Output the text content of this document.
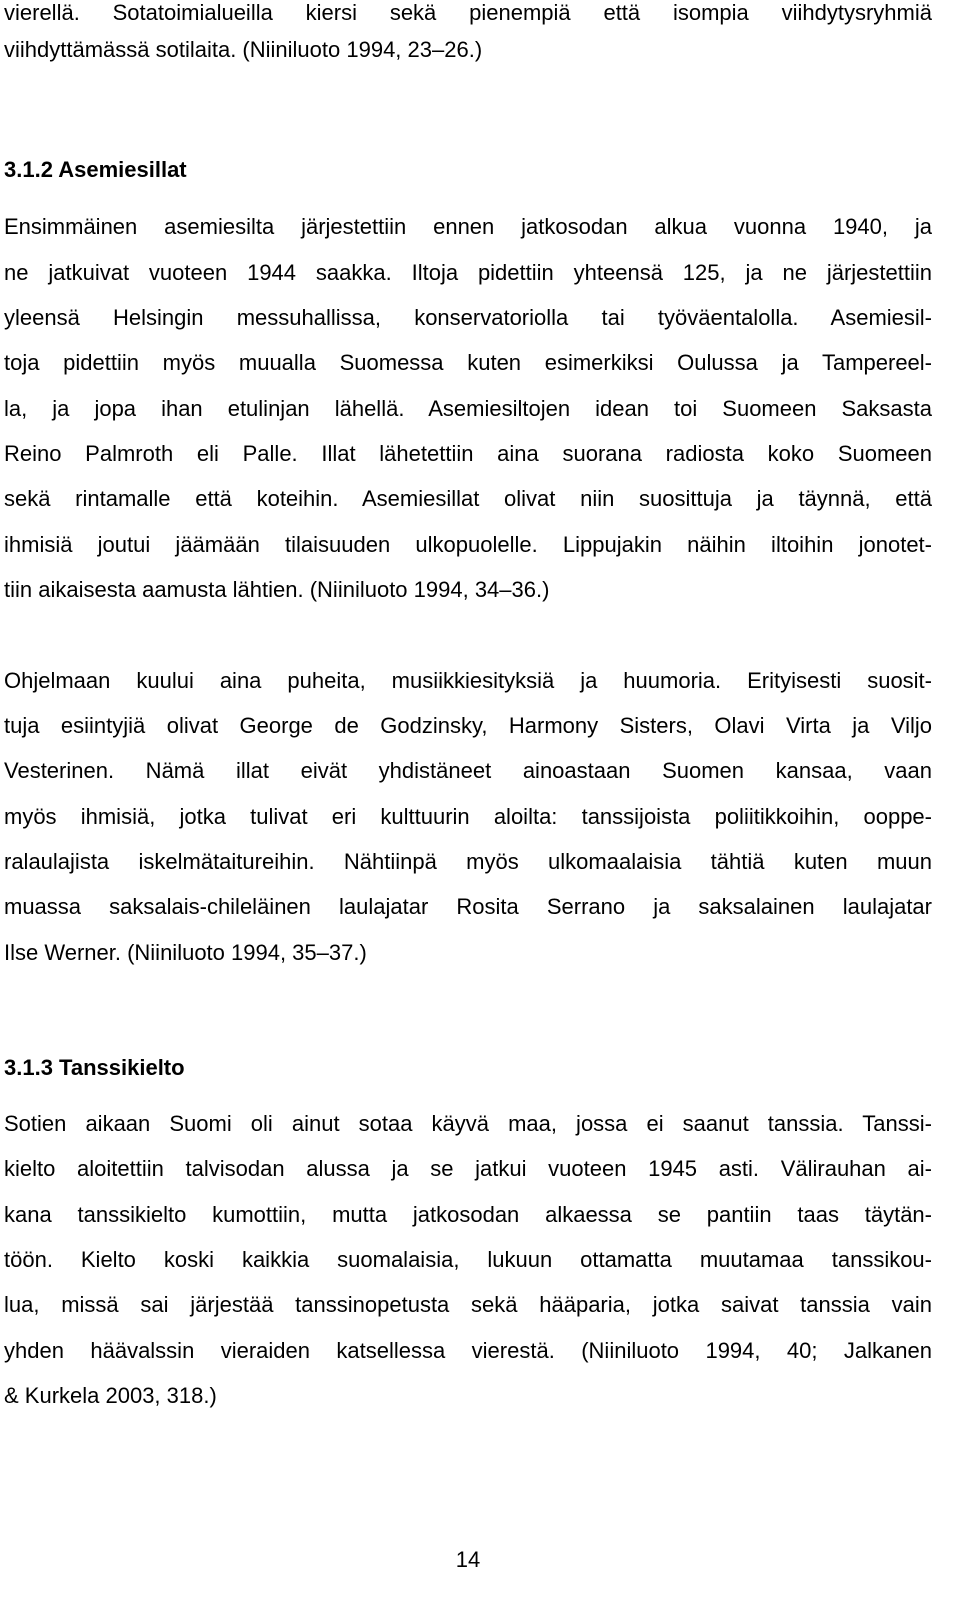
vierellä. Sotatoimialueilla kiersi sekä pienempiä että isompia viihdytysryhmiä
viihdyttämässä sotilaita. (Niiniluoto 1994, 23–26.)
3.1.2 Asemiesillat
Ensimmäinen asemiesilta järjestettiin ennen jatkosodan alkua vuonna 1940, ja
ne jatkuivat vuoteen 1944 saakka. Iltoja pidettiin yhteensä 125, ja ne järjestettiin
yleensä Helsingin messuhallissa, konservatoriolla tai työväentalolla. Asemiesil-
toja pidettiin myös muualla Suomessa kuten esimerkiksi Oulussa ja Tampereel-
la, ja jopa ihan etulinjan lähellä. Asemiesiltojen idean toi Suomeen Saksasta
Reino Palmroth eli Palle. Illat lähetettiin aina suorana radiosta koko Suomeen
sekä rintamalle että koteihin. Asemiesillat olivat niin suosittuja ja täynnä, että
ihmisiä joutui jäämään tilaisuuden ulkopuolelle. Lippujakin näihin iltoihin jonotet-
tiin aikaisesta aamusta lähtien. (Niiniluoto 1994, 34–36.)
Ohjelmaan kuului aina puheita, musiikkiesityksiä ja huumoria. Erityisesti suosit-
tuja esiintyjiä olivat George de Godzinsky, Harmony Sisters, Olavi Virta ja Viljo
Vesterinen. Nämä illat eivät yhdistäneet ainoastaan Suomen kansaa, vaan
myös ihmisiä, jotka tulivat eri kulttuurin aloilta: tanssijoista poliitikkoihin, ooppe-
ralaulajista iskelmätaitureihin. Nähtiinpä myös ulkomaalaisia tähtiä kuten muun
muassa saksalais-chileläinen laulajatar Rosita Serrano ja saksalainen laulajatar
Ilse Werner. (Niiniluoto 1994, 35–37.)
3.1.3 Tanssikielto
Sotien aikaan Suomi oli ainut sotaa käyvä maa, jossa ei saanut tanssia. Tanssi-
kielto aloitettiin talvisodan alussa ja se jatkui vuoteen 1945 asti. Välirauhan ai-
kana tanssikielto kumottiin, mutta jatkosodan alkaessa se pantiin taas täytän-
töön. Kielto koski kaikkia suomalaisia, lukuun ottamatta muutamaa tanssikou-
lua, missä sai järjestää tanssinopetusta sekä hääparia, jotka saivat tanssia vain
yhden häävalssin vieraiden katsellessa vierestä. (Niiniluoto 1994, 40; Jalkanen
& Kurkela 2003, 318.)
14
